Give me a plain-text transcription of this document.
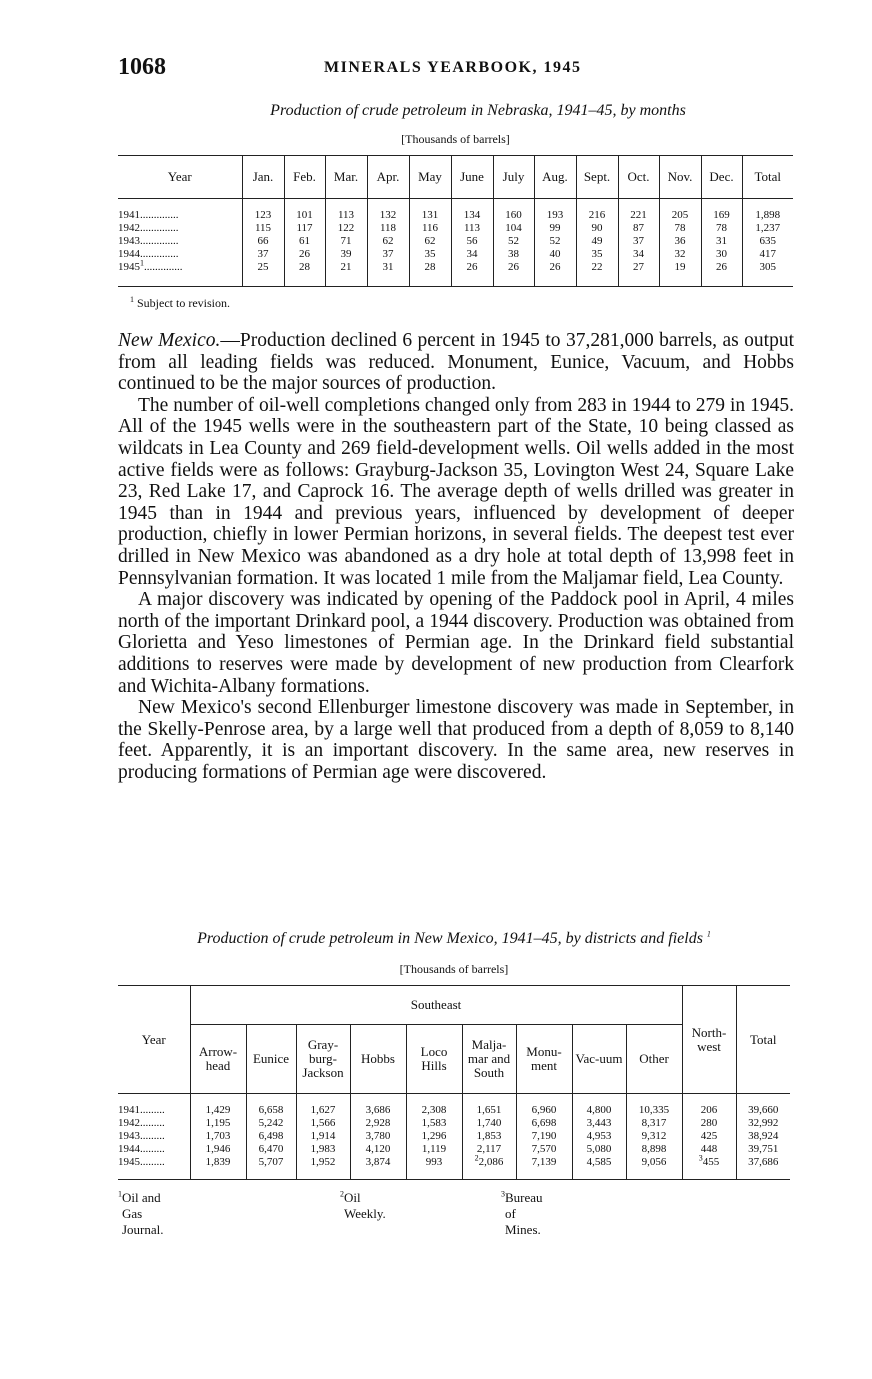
1068	MINERALS YEARBOOK, 1945
Production of crude petroleum in Nebraska, 1941–45, by months
[Thousands of barrels]
Year	Jan.	Feb.	Mar.	Apr.	May	June	July	Aug.	Sept.	Oct.	Nov.	Dec.	Total

1941..............	123	101	113	132	131	134	160	193	216	221	205	169	1,898
1942..............	115	117	122	118	116	113	104	99	90	87	78	78	1,237
1943..............	66	61	71	62	62	56	52	52	49	37	36	31	635
1944..............	37	26	39	37	35	34	38	40	35	34	32	30	417
1945$^1$..............	25	28	21	31	28	26	26	26	22	27	19	26	305

$^1$ Subject to revision.

New Mexico.—Production declined 6 percent in 1945 to 37,281,000 barrels, as output from all leading fields was reduced. Monument, Eunice, Vacuum, and Hobbs continued to be the major sources of production.

The number of oil-well completions changed only from 283 in 1944 to 279 in 1945. All of the 1945 wells were in the southeastern part of the State, 10 being classed as wildcats in Lea County and 269 field-development wells. Oil wells added in the most active fields were as follows: Grayburg-Jackson 35, Lovington West 24, Square Lake 23, Red Lake 17, and Caprock 16. The average depth of wells drilled was greater in 1945 than in 1944 and previous years, influenced by development of deeper production, chiefly in lower Permian horizons, in several fields. The deepest test ever drilled in New Mexico was abandoned as a dry hole at total depth of 13,998 feet in Pennsylvanian formation. It was located 1 mile from the Maljamar field, Lea County.

A major discovery was indicated by opening of the Paddock pool in April, 4 miles north of the important Drinkard pool, a 1944 discovery. Production was obtained from Glorietta and Yeso limestones of Permian age. In the Drinkard field substantial additions to reserves were made by development of new production from Clearfork and Wichita-Albany formations.

New Mexico's second Ellenburger limestone discovery was made in September, in the Skelly-Penrose area, by a large well that produced from a depth of 8,059 to 8,140 feet. Apparently, it is an important discovery. In the same area, new reserves in producing formations of Permian age were discovered.

Production of crude petroleum in New Mexico, 1941–45, by districts and fields $^1$
[Thousands of barrels]
Year	Southeast									North-west	Total
	Arrow-head	Eunice	Gray-burg-Jackson	Hobbs	Loco Hills	Malja-mar and South	Monu-ment	Vac-uum	Other		

1941.........	1,429	6,658	1,627	3,686	2,308	1,651	6,960	4,800	10,335	206	39,660
1942.........	1,195	5,242	1,566	2,928	1,583	1,740	6,698	3,443	8,317	280	32,992
1943.........	1,703	6,498	1,914	3,780	1,296	1,853	7,190	4,953	9,312	425	38,924
1944.........	1,946	6,470	1,983	4,120	1,119	2,117	7,570	5,080	8,898	448	39,751
1945.........	1,839	5,707	1,952	3,874	993	$^2$2,086	7,139	4,585	9,056	$^3$455	37,686

$^1$ Oil and Gas Journal.
$^2$ Oil Weekly.
$^3$ Bureau of Mines.
